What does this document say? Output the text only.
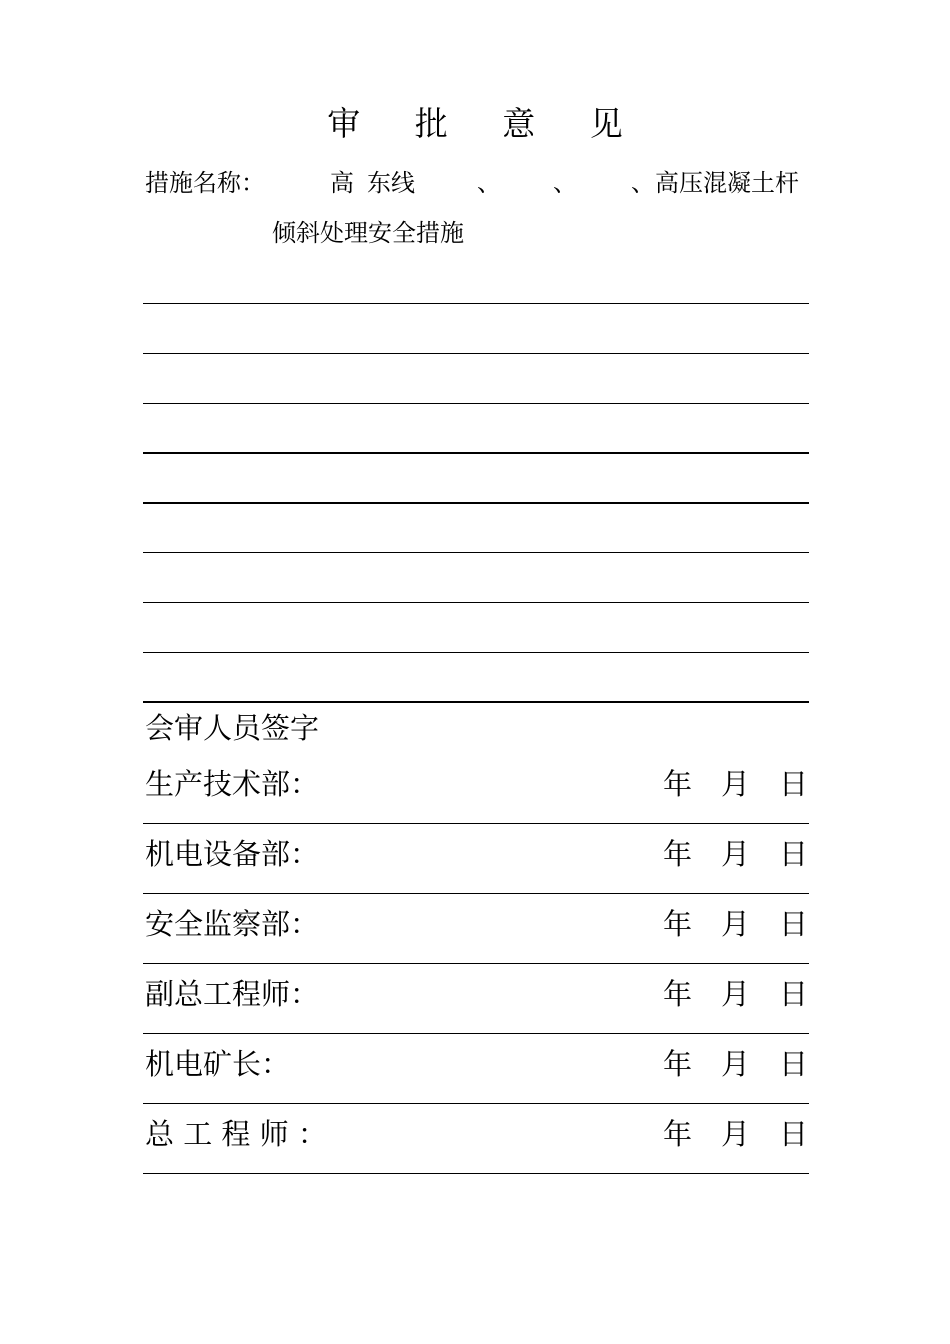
审 批 意 见
措施名称：	高 东线	、 、 、高压混凝土杆
倾斜处理安全措施
会审人员签字
生产技术部：	年 月 日
机电设备部：	年 月 日
安全监察部：	年 月 日
副总工程师：	年 月 日
机电矿长：	年 月 日
总 工 程 师 ：	年 月 日
